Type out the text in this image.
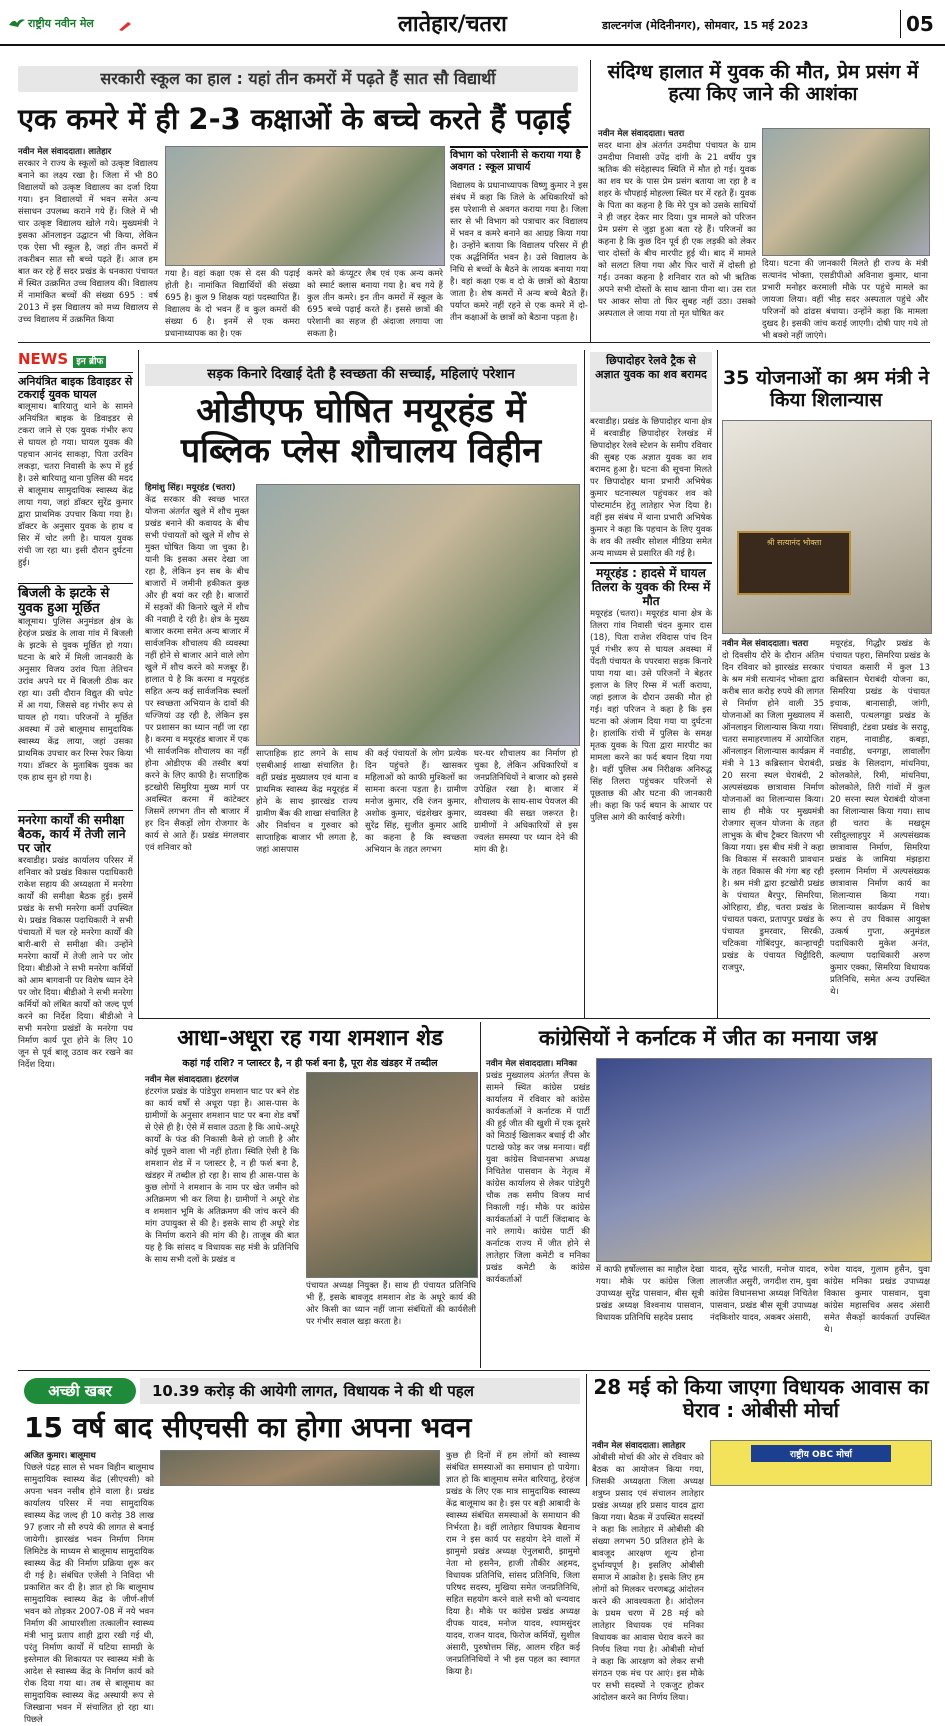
राष्ट्रीय नवीन मेल	लातेहार/चतरा	डाल्टनगंज (मेदिनीनगर), सोमवार, 15 मई 2023	05
सरकारी स्कूल का हाल : यहां तीन कमरों में पढ़ते हैं सात सौ विद्यार्थी
एक कमरे में ही 2-3 कक्षाओं के बच्चे करते हैं पढ़ाई
नवीन मेल संवाददाता। लातेहार
सरकार ने राज्य के स्कूलों को उत्कृष्ट विद्यालय बनाने का लक्ष्य रखा है। जिला में भी 80 विद्यालयों को उत्कृष्ट विद्यालय का दर्जा दिया गया। इन विद्यालयों में भवन समेत अन्य संसाधन उपलब्ध कराने गये हैं। जिले में भी चार उत्कृष्ट विद्यालय खोले गये। मुख्यमंत्री ने इसका ऑनलाइन उद्घाटन भी किया, लेकिन एक ऐसा भी स्कूल है, जहां तीन कमरों में तकरीबन सात सौ बच्चे पढ़ते हैं। आज हम बात कर रहे हैं सदर प्रखंड के धनकारा पंचायत में स्थित उत्क्रमित उच्च विद्यालय की। विद्यालय में नामांकित बच्चों की संख्या 695 : वर्ष 2013 में इस विद्यालय को मध्य विद्यालय से उच्च विद्यालय में उत्क्रमित किया
गया है। वहां कक्षा एक से दस की पढ़ाई होती है। नामांकित विद्यार्थियों की संख्या 695 है। कुल 9 शिक्षक यहां पदस्थापित हैं। विद्यालय के दो भवन हैं व कुल कमरों की संख्या 6 है। इनमें से एक कमरा प्रधानाध्यापक का है। एक
कमरे को कंप्यूटर लैब एवं एक अन्य कमरे को स्मार्ट क्लास बनाया गया है। बच गये हैं कुल तीन कमरे। इन तीन कमरों में स्कूल के 695 बच्चे पढ़ाई करते हैं। इससे छात्रों की परेशानी का सहज ही अंदाजा लगाया जा सकता है।
विभाग को परेशानी से कराया गया है अवगत : स्कूल प्राचार्य
विद्यालय के प्रधानाध्यापक विष्णु कुमार ने इस संबंध में कहा कि जिले के अधिकारियों को इस परेशानी से अवगत कराया गया है। जिला स्तर से भी विभाग को पत्राचार कर विद्यालय में भवन व कमरे बनाने का आग्रह किया गया है। उन्होंने बताया कि विद्यालय परिसर में ही एक अर्द्धनिर्मित भवन है। उसे विद्यालय के निधि से बच्चों के बैठने के लायक बनाया गया है। वहां कक्षा एक व दो के छात्रों को बैठाया जाता है। शेष कमरों में अन्य बच्चे बैठते हैं। पर्याप्त कमरे नहीं रहने से एक कमरे में दो-तीन कक्षाओं के छात्रों को बैठाना पड़ता है।
संदिग्ध हालात में युवक की मौत, प्रेम प्रसंग में हत्या किए जाने की आशंका
नवीन मेल संवाददाता। चतरा
सदर थाना क्षेत्र अंतर्गत उमदीघा पंचायत के ग्राम उमदीघा निवासी उपेंद्र दांगी के 21 वर्षीय पुत्र ऋतिक की संदेहास्पद स्थिति में मौत हो गई। युवक का शव घर के पास प्रेम प्रसंग बताया जा रहा है व शहर के चौपहाई मोहल्ला स्थित घर में रहते हैं। युवक के पिता का कहना है कि मेरे पुत्र को उसके साथियों ने ही जहर देकर मार दिया। पुत्र मामले को परिजन प्रेम प्रसंग से जुड़ा हुआ बता रहे हैं। परिजनों का कहना है कि कुछ दिन पूर्व ही एक लड़की को लेकर चार दोस्तों के बीच मारपीट हुई थी। बाद में मामले को सलटा लिया गया और फिर चारों में दोस्ती हो गई। उनका कहना है शनिवार रात को भी ऋतिक अपने सभी दोस्तों के साथ खाना पीना था। उस रात घर आकर सोया तो फिर सुबह नहीं उठा। उसको अस्पताल ले जाया गया तो मृत घोषित कर
दिया। घटना की जानकारी मिलते ही राज्य के मंत्री सत्यानंद भोक्ता, एसडीपीओ अविनाश कुमार, थाना प्रभारी मनोहर करमाली मौके पर पहुंचे मामले का जायजा लिया। वहीं भीड़ सदर अस्पताल पहुंचे और परिजनों को ढांढस बंधाया। उन्होंने कहा कि मामला दुखद है। इसकी जांच कराई जाएगी। दोषी पाए गये तो भी बक्शे नहीं जाएंगे।
NEWS इन ब्रीफ
अनियंत्रित बाइक डिवाइडर से टकराई युवक घायल
बालूमाथ। बारियातु थाने के सामने अनियंत्रित बाइक के डिवाइडर से टकरा जाने से एक युवक गंभीर रूप से घायल हो गया। घायल युवक की पहचान आनंद साकड़ा, पिता उरविन लकड़ा, चतरा निवासी के रूप में हुई है। उसे बारियातु थाना पुलिस की मदद से बालूमाथ सामुदायिक स्वास्थ्य केंद्र लाया गया, जहां डॉक्टर सुरेंद्र कुमार द्वारा प्राथमिक उपचार किया गया है। डॉक्टर के अनुसार युवक के हाथ व सिर में चोट लगी है। घायल युवक रांची जा रहा था। इसी दौरान दुर्घटना हुई।
बिजली के झटके से युवक हुआ मूर्छित
बालूमाथ। पुलिस अनुमंडल क्षेत्र के हेरहंज प्रखंड के लावा गांव में बिजली के झटके से युवक मूर्छित हो गया। घटना के बारे में मिली जानकारी के अनुसार विजय उरांव पिता तेतिचन उरांव अपने घर में बिजली ठीक कर रहा था। उसी दौरान विद्युत की चपेट में आ गया, जिससे वह गंभीर रूप से घायल हो गया। परिजनों ने मूर्छित अवस्था में उसे बालूमाथ सामुदायिक स्वास्थ्य केंद्र लाया, जहां उसका प्राथमिक उपचार कर रिम्स रेफर किया गया। डॉक्टर के मुताबिक युवक का एक हाथ सुन हो गया है।
मनरेगा कार्यों की समीक्षा बैठक, कार्य में तेजी लाने पर जोर
बरवाडीह। प्रखंड कार्यालय परिसर में शनिवार को प्रखंड विकास पदाधिकारी राकेश सहाय की अध्यक्षता में मनरेगा कार्यों की समीक्षा बैठक हुई। इसमें प्रखंड के सभी मनरेगा कर्मी उपस्थित थे। प्रखंड विकास पदाधिकारी ने सभी पंचायतों में चल रहे मनरेगा कार्यों की बारी-बारी से समीक्षा की। उन्होंने मनरेगा कार्यों में तेजी लाने पर जोर दिया। बीडीओ ने सभी मनरेगा कर्मियों को आम बागवानी पर विशेष ध्यान देने पर जोर दिया। बीडीओ ने सभी मनरेगा कर्मियों को लंबित कार्यों को जल्द पूर्ण करने का निर्देश दिया। बीडीओ ने सभी मनरेगा प्रखंडों के मनरेगा पथ निर्माण कार्य पूरा होने के लिए 10 जून से पूर्व बालू उठाव कर रखने का निर्देश दिया।
सड़क किनारे दिखाई देती है स्वच्छता की सच्चाई, महिलाएं परेशान
ओडीएफ घोषित मयूरहंड में
पब्लिक प्लेस शौचालय विहीन
हिमांशु सिंह। मयूरहंड (चतरा)
केंद्र सरकार की स्वच्छ भारत योजना अंतर्गत खुले में शौच मुक्त प्रखंड बनाने की कवायद के बीच सभी पंचायतों को खुले में शौच से मुक्त घोषित किया जा चुका है। यानी कि इसका असर देखा जा रहा है, लेकिन इन सब के बीच बाजारों में जमीनी हकीकत कुछ और ही बयां कर रही है। बाजारों में सड़कों की किनारे खुले में शौच की नवाही दे रही है। क्षेत्र के मुख्य बाजार करमा समेत अन्य बाजार में सार्वजनिक शौचालय की व्यवस्था नहीं होने से बाजार आने वाले लोग खुले में शौच करने को मजबूर हैं। हालात ये है कि करमा व मयूरहंड सहित अन्य कई सार्वजनिक स्थलों पर स्वच्छता अभियान के दावों की धज्जियां उड़ रही है, लेकिन इस पर प्रशासन का ध्यान नहीं जा रहा है। करमा व मयूरहंड बाजार में एक भी सार्वजनिक शौचालय का नहीं होना ओडीएफ की तस्वीर बयां करने के लिए काफी है। सप्ताहिक इटखोरी सिमुरिया मुख्य मार्ग पर अवस्थित करमा में कांटेक्टर जिसमें लगभग तीन सौ बाजार में हर दिन सैकड़ों लोग रोजगार के कार्य से आते हैं। प्रखंड मंगलवार एवं शनिवार को
साप्ताहिक हाट लगने के साथ एसबीआई शाखा संचालित है। वहीं प्रखंड मुख्यालय एवं थाना व प्राथमिक स्वास्थ्य केंद्र मयूरहंड में होने के साथ झारखंड राज्य ग्रामीण बैंक की शाखा संचालित है और निर्वाचन व गुरुवार को साप्ताहिक बाजार भी लगता है, जहां आसपास
की कई पंचायतों के लोग प्रत्येक दिन पहुंचते हैं। खासकर महिलाओं को काफी मुश्किलों का सामना करना पड़ता है। ग्रामीण मनोज कुमार, रवि रंजन कुमार, अशोक कुमार, चंद्रशेखर कुमार, सुरेंद्र सिंह, सुजीत कुमार आदि का कहना है कि स्वच्छता अभियान के तहत लगभग
घर-घर शौचालय का निर्माण हो चुका है, लेकिन अधिकारियों व जनप्रतिनिधियों ने बाजार को इससे उपेक्षित रखा है। बाजार में शौचालय के साथ-साथ पेयजल की व्यवस्था की सख्त जरूरत है। ग्रामीणों ने अधिकारियों से इस ज्वलंत समस्या पर ध्यान देने की मांग की है।
छिपादोहर रेलवे ट्रैक से अज्ञात युवक का शव बरामद
बरवाडीह। प्रखंड के छिपादोहर थाना क्षेत्र में बरवाडीह छिपादोहर रेलखंड में छिपादोहर रेलवे स्टेशन के समीप रविवार की सुबह एक अज्ञात युवक का शव बरामद हुआ है। घटना की सूचना मिलते पर छिपादोहर थाना प्रभारी अभिषेक कुमार घटनास्थल पहुंचकर शव को पोस्टमार्टम हेतु लातेहार भेज दिया है। वहीं इस संबंध में थाना प्रभारी अभिषेक कुमार ने कहा कि पहचान के लिए युवक के शव की तस्वीर सोशल मीडिया समेत अन्य माध्यम से प्रसारित की गई है।
मयूरहंड : हादसे में घायल तिलरा के युवक की रिम्स में मौत
मयूरहंड (चतरा)। मयूरहंड थाना क्षेत्र के तिलरा गांव निवासी चंदन कुमार दास (18), पिता राजेश रविदास पांच दिन पूर्व गंभीर रूप से घायल अवस्था में पेंदती पंचायत के पपरवारा सड़क किनारे पाया गया था। उसे परिजनों ने बेहतर इलाज के लिए रिम्स में भर्ती कराया, जहां इलाज के दौरान उसकी मौत हो गई। वहां परिजन ने कहा है कि इस घटना को अंजाम दिया गया या दुर्घटना है। हालांकि रांची में पुलिस के समक्ष मृतक युवक के पिता द्वारा मारपीट का मामला करने का फर्द बयान दिया गया है। वहीं पुलिस अब निरीक्षक अनिरुद्ध सिंह तिलरा पहुंचकर परिजनों से पूछताछ की और घटना की जानकारी ली। कहा कि फर्द बयान के आधार पर पुलिस आगे की कार्रवाई करेगी।
35 योजनाओं का श्रम मंत्री ने किया शिलान्यास
श्री सत्यानंद भोक्ता
नवीन मेल संवाददाता। चतरा
दो दिवसीय दौरे के दौरान अंतिम दिन रविवार को झारखंड सरकार के श्रम मंत्री सत्यानंद भोक्ता द्वारा करीब सात करोड़ रुपये की लागत से निर्माण होने वाली 35 योजनाओं का जिला मुख्यालय में ऑनलाइन शिलान्यास किया गया। चतरा समाहरणालय में आयोजित ऑनलाइन शिलान्यास कार्यक्रम में मंत्री ने 13 कब्रिस्तान घेराबंदी, 20 सरना स्थल घेराबंदी, 2 अल्पसंख्यक छात्रावास निर्माण योजनाओं का शिलान्यास किया। साथ ही मौके पर मुख्यमंत्री रोजगार सृजन योजना के तहत लाभुक के बीच ट्रैक्टर वितरण भी किया गया। इस बीच मंत्री ने कहा कि विकास में सरकारी प्रावधान के तहत विकास की गंगा बह रही है। श्रम मंत्री द्वारा इटखोरी प्रखंड के पंचायत बैरपुर, सिमरिया, ओरिहारा, डीह, चतरा प्रखंड के पंचायत पकरा, प्रतापपुर प्रखंड के पंचायत डुमरवार, सिरकी, चटिकवा गोबिंदपुर, कान्हाचट्टी प्रखंड के पंचायत चिट्ठीदिरी, राजपुर,
मयूरहंड, गिद्धौर प्रखंड के पंचायत पहरा, सिमरिया प्रखंड के पंचायत कसारी में कुल 13 कब्रिस्तान घेराबंदी योजना का, सिमरिया प्रखंड के पंचायत इचाक, बानासाड़ी, जांगी, कसारी, पत्थलगड्डा प्रखंड के सिंघवाही, टंडवा प्रखंड के सराढ़ू, राहम, नावाडीह, कबड़ा, नवाडीह, धनगड्डा, लावालौंग प्रखंड के सिलदाग, मांधनिया, कोलकोले, रिमी, मांधनिया, कोलकोले, तिरी गांवों में कुल 20 सरना स्थल घेराबंदी योजना का शिलान्यास किया गया। साथ ही चतरा के मखदूम रसीदुल्लाहपुर में अल्पसंख्यक छात्रावास निर्माण, सिमरिया प्रखंड के जामिया मंझड़ारा इस्लाम निर्माण में अल्पसंख्यक छात्रावास निर्माण कार्य का शिलान्यास किया गया। शिलान्यास कार्यक्रम में विशेष रूप से उप विकास आयुक्त उत्कर्ष गुप्ता, अनुमंडल पदाधिकारी मुकेश अनंत, कल्याण पदाधिकारी अरुण कुमार एक्का, सिमरिया विधायक प्रतिनिधि, समेत अन्य उपस्थित थे।
आधा-अधूरा रह गया शमशान शेड
कहां गई राशि? न प्लास्टर है, न ही फर्श बना है, पूरा शेड खंडहर में तब्दील
नवीन मेल संवाददाता। हंटरगंज
हंटरगंज प्रखंड के पांडेपुरा शमशान घाट पर बने शेड का कार्य वर्षों से अधूरा पड़ा है। आस-पास के ग्रामीणों के अनुसार शमशान घाट पर बना शेड वर्षों से ऐसे ही है। ऐसे में सवाल उठता है कि आधे-अधूरे कार्यों के फंड की निकासी कैसे हो जाती है और कोई पूछने वाला भी नहीं होता। स्थिति ऐसी है कि शमशान शेड में न प्लास्टर है, न ही फर्श बना है, खंडहर में तब्दील हो रहा है। साथ ही आस-पास के कुछ लोगों ने शमशान के नाम पर खेत जमीन को अतिक्रमण भी कर लिया है। ग्रामीणों ने अधूरे शेड व शमशान भूमि के अतिक्रमण की जांच करने की मांग उपायुक्त से की है। इसके साथ ही अधूरे शेड के निर्माण कराने की मांग की है। ताजूब की बात यह है कि सांसद व विधायक सह मंत्री के प्रतिनिधि के साथ सभी दलों के प्रखंड व
पंचायत अध्यक्ष नियुक्त हैं। साथ ही पंचायत प्रतिनिधि भी हैं, इसके बावजूद शमशान शेड के अधूरे कार्य की ओर किसी का ध्यान नहीं जाना संबंधितों की कार्यशैली पर गंभीर सवाल खड़ा करता है।
कांग्रेसियों ने कर्नाटक में जीत का मनाया जश्न
नवीन मेल संवाददाता। मनिका
प्रखंड मुख्यालय अंतर्गत लैंपस के सामने स्थित कांग्रेस प्रखंड कार्यालय में रविवार को कांग्रेस कार्यकर्ताओं ने कर्नाटक में पार्टी की हुई जीत की खुशी में एक दूसरे को मिठाई खिलाकर बधाई दी और पटाखे फोड़ कर जश्न मनाया। वहीं युवा कांग्रेस विधानसभा अध्यक्ष निचितेश पासवान के नेतृत्व में कांग्रेस कार्यालय से लेकर पांडेपुरी चौक तक समीप विजय मार्च निकाली गई। मौके पर कांग्रेस कार्यकर्ताओं ने पार्टी जिंदाबाद के नारे लगाये। कांग्रेस पार्टी की कर्नाटक राज्य में जीत होने से लातेहार जिला कमेटी व मनिका प्रखंड कमेटी के कांग्रेस कार्यकर्ताओं
में काफी हर्षोल्लास का माहौल देखा गया। मौके पर कांग्रेस जिला उपाध्यक्ष सुरेंद्र पासवान, बीस सूत्री प्रखंड अध्यक्ष विश्वनाथ पासवान, विधायक प्रतिनिधि सहदेव प्रसाद
यादव, सुरेंद्र भारती, मनोज यादव, लालजीत असुरी, जगदीश राम, युवा कांग्रेस विधानसभा अध्यक्ष निचितेश पासवान, प्रखंड बीस सूत्री उपाध्यक्ष नंदकिशोर यादव, अकबर अंसारी,
रुपेश यादव, गुलाम हुसैन, युवा कांग्रेस मनिका प्रखंड उपाध्यक्ष विकास कुमार पासवान, युवा कांग्रेस महासचिव असद अंसारी समेत सैकड़ों कार्यकर्ता उपस्थित थे।
अच्छी खबर	10.39 करोड़ की आयेगी लागत, विधायक ने की थी पहल
15 वर्ष बाद सीएचसी का होगा अपना भवन
अजित कुमार। बालूमाथ
पिछले पंद्रह साल से भवन विहीन बालूमाथ सामुदायिक स्वास्थ्य केंद्र (सीएचसी) को अपना भवन नसीब होने वाला है। प्रखंड कार्यालय परिसर में नया सामुदायिक स्वास्थ्य केंद्र जल्द ही 10 करोड़ 38 लाख 97 हजार नौ सौ रुपये की लागत से बनाई जायेगी। झारखंड भवन निर्माण निगम लिमिटेड के माध्यम से बालूमाथ सामुदायिक स्वास्थ्य केंद्र की निर्माण प्रक्रिया शुरू कर दी गई है। संबंधित एजेंसी ने निविदा भी प्रकाशित कर दी है। ज्ञात हो कि बालूमाथ सामुदायिक स्वास्थ्य केंद्र के जीर्ण-शीर्ण भवन को तोड़कर 2007-08 में नये भवन निर्माण की आधारशीला तत्कालीन स्वास्थ्य मंत्री भानु प्रताप शाही द्वारा रखी गई थी, परंतु निर्माण कार्यों में घटिया सामग्री के इस्तेमाल की शिकायत पर स्वास्थ्य मंत्री के आदेश से स्वास्थ्य केंद्र के निर्माण कार्य को रोक दिया गया था। तब से बालूमाथ का सामुदायिक स्वास्थ्य केंद्र अस्थायी रूप से जिस्खाना भवन में संचालित हो रहा था। पिछले
कुछ ही दिनों में हम लोगों को स्वास्थ्य संबंधित समस्याओं का समाधान हो पायेगा। ज्ञात हो कि बालूमाथ समेत बारियातु, हेरहंज प्रखंड के लिए एक मात्र सामुदायिक स्वास्थ्य केंद्र बालूमाथ का है। इस पर बड़ी आबादी के स्वास्थ्य संबंधित समस्याओं के समाधान की निर्भरता है। वहीं लातेहार विधायक बैद्यनाथ राम ने इस कार्य पर सहयोग देने वालों में झामुमो प्रखंड अध्यक्ष ऐनुलबारी, झामुमो नेता मो हसनैन, हाजी तौकीर अहमद, विधायक प्रतिनिधि, सांसद प्रतिनिधि, जिला परिषद सदस्य, मुखिया समेत जनप्रतिनिधि, सहित सहयोग करने वाले सभी को धन्यवाद दिया है। मौके पर कांग्रेस प्रखंड अध्यक्ष दीपक यादव, मनोज यादव, श्यामसुंदर यादव, राजन यादव, फिरोज कर्मियों, सुशील अंसारी, पुरुषोत्तम सिंह, आलम रहित कई जनप्रतिनिधियों ने भी इस पहल का स्वागत किया है।
28 मई को किया जाएगा विधायक आवास का घेराव : ओबीसी मोर्चा
नवीन मेल संवाददाता। लातेहार
ओबीसी मोर्चा की ओर से रविवार को बैठक का आयोजन किया गया, जिसकी अध्यक्षता जिला अध्यक्ष शत्रुघ्न प्रसाद एवं संचालन लातेहार प्रखंड अध्यक्ष हरि प्रसाद यादव द्वारा किया गया। बैठक में उपस्थित सदस्यों ने कहा कि लातेहार में ओबीसी की संख्या लगभग 50 प्रतिशत होने के बावजूद आरक्षण शून्य होना दुर्भाग्यपूर्ण है। इसलिए ओबीसी समाज में आक्रोश है। इसके लिए हम लोगों को मिलकर चरणबद्ध आंदोलन करने की आवश्यकता है। आंदोलन के प्रथम चरण में 28 मई को लातेहार विधायक एवं मनिका विधायक का आवास घेराव करने का निर्णय लिया गया है। ओबीसी मोर्चा ने कहा कि आरक्षण को लेकर सभी संगठन एक मंच पर आएं। इस मौके पर सभी सदस्यों ने एकजुट होकर आंदोलन करने का निर्णय लिया।
राष्ट्रीय OBC मोर्चा
